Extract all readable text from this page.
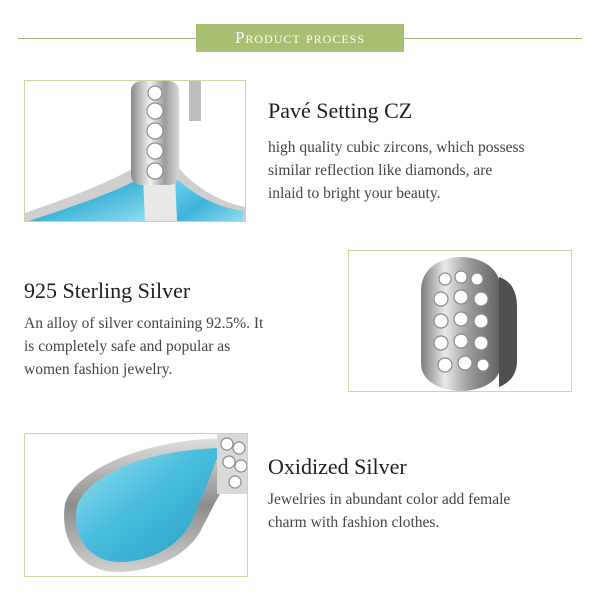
Product process
Pavé Setting CZ
high quality cubic zircons, which possess
similar reflection like diamonds, are
inlaid to bright your beauty.
925 Sterling Silver
An alloy of silver containing 92.5%. It
is completely safe and popular as
women fashion jewelry.
Oxidized Silver
Jewelries in abundant color add female
charm with fashion clothes.
